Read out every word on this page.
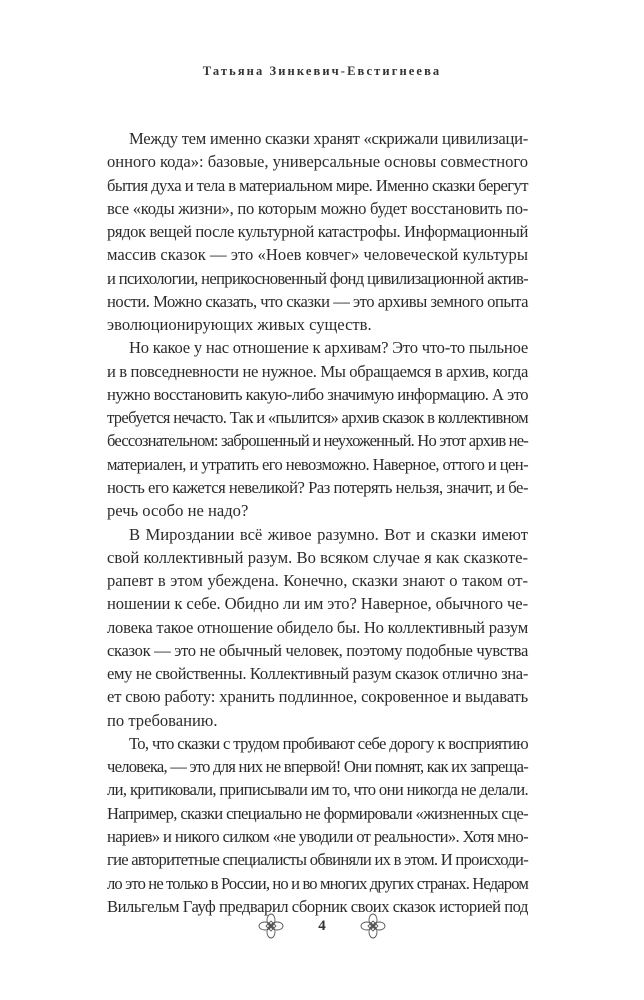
Татьяна Зинкевич-Евстигнеева
Между тем именно сказки хранят «скрижали цивилизаци-
онного кода»: базовые, универсальные основы совместного
бытия духа и тела в материальном мире. Именно сказки берегут
все «коды жизни», по которым можно будет восстановить по-
рядок вещей после культурной катастрофы. Информационный
массив сказок — это «Ноев ковчег» человеческой культуры
и психологии, неприкосновенный фонд цивилизационной актив-
ности. Можно сказать, что сказки — это архивы земного опыта
эволюционирующих живых существ.
Но какое у нас отношение к архивам? Это что-то пыльное
и в повседневности не нужное. Мы обращаемся в архив, когда
нужно восстановить какую-либо значимую информацию. А это
требуется нечасто. Так и «пылится» архив сказок в коллективном
бессознательном: заброшенный и неухоженный. Но этот архив не-
материален, и утратить его невозможно. Наверное, оттого и цен-
ность его кажется невеликой? Раз потерять нельзя, значит, и бе-
речь особо не надо?
В Мироздании всё живое разумно. Вот и сказки имеют
свой коллективный разум. Во всяком случае я как сказкоте-
рапевт в этом убеждена. Конечно, сказки знают о таком от-
ношении к себе. Обидно ли им это? Наверное, обычного че-
ловека такое отношение обидело бы. Но коллективный разум
сказок — это не обычный человек, поэтому подобные чувства
ему не свойственны. Коллективный разум сказок отлично зна-
ет свою работу: хранить подлинное, сокровенное и выдавать
по требованию.
То, что сказки с трудом пробивают себе дорогу к восприятию
человека, — это для них не впервой! Они помнят, как их запреща-
ли, критиковали, приписывали им то, что они никогда не делали.
Например, сказки специально не формировали «жизненных сце-
нариев» и никого силком «не уводили от реальности». Хотя мно-
гие авторитетные специалисты обвиняли их в этом. И происходи-
ло это не только в России, но и во многих других странах. Недаром
Вильгельм Гауф предварил сборник своих сказок историей под
4
